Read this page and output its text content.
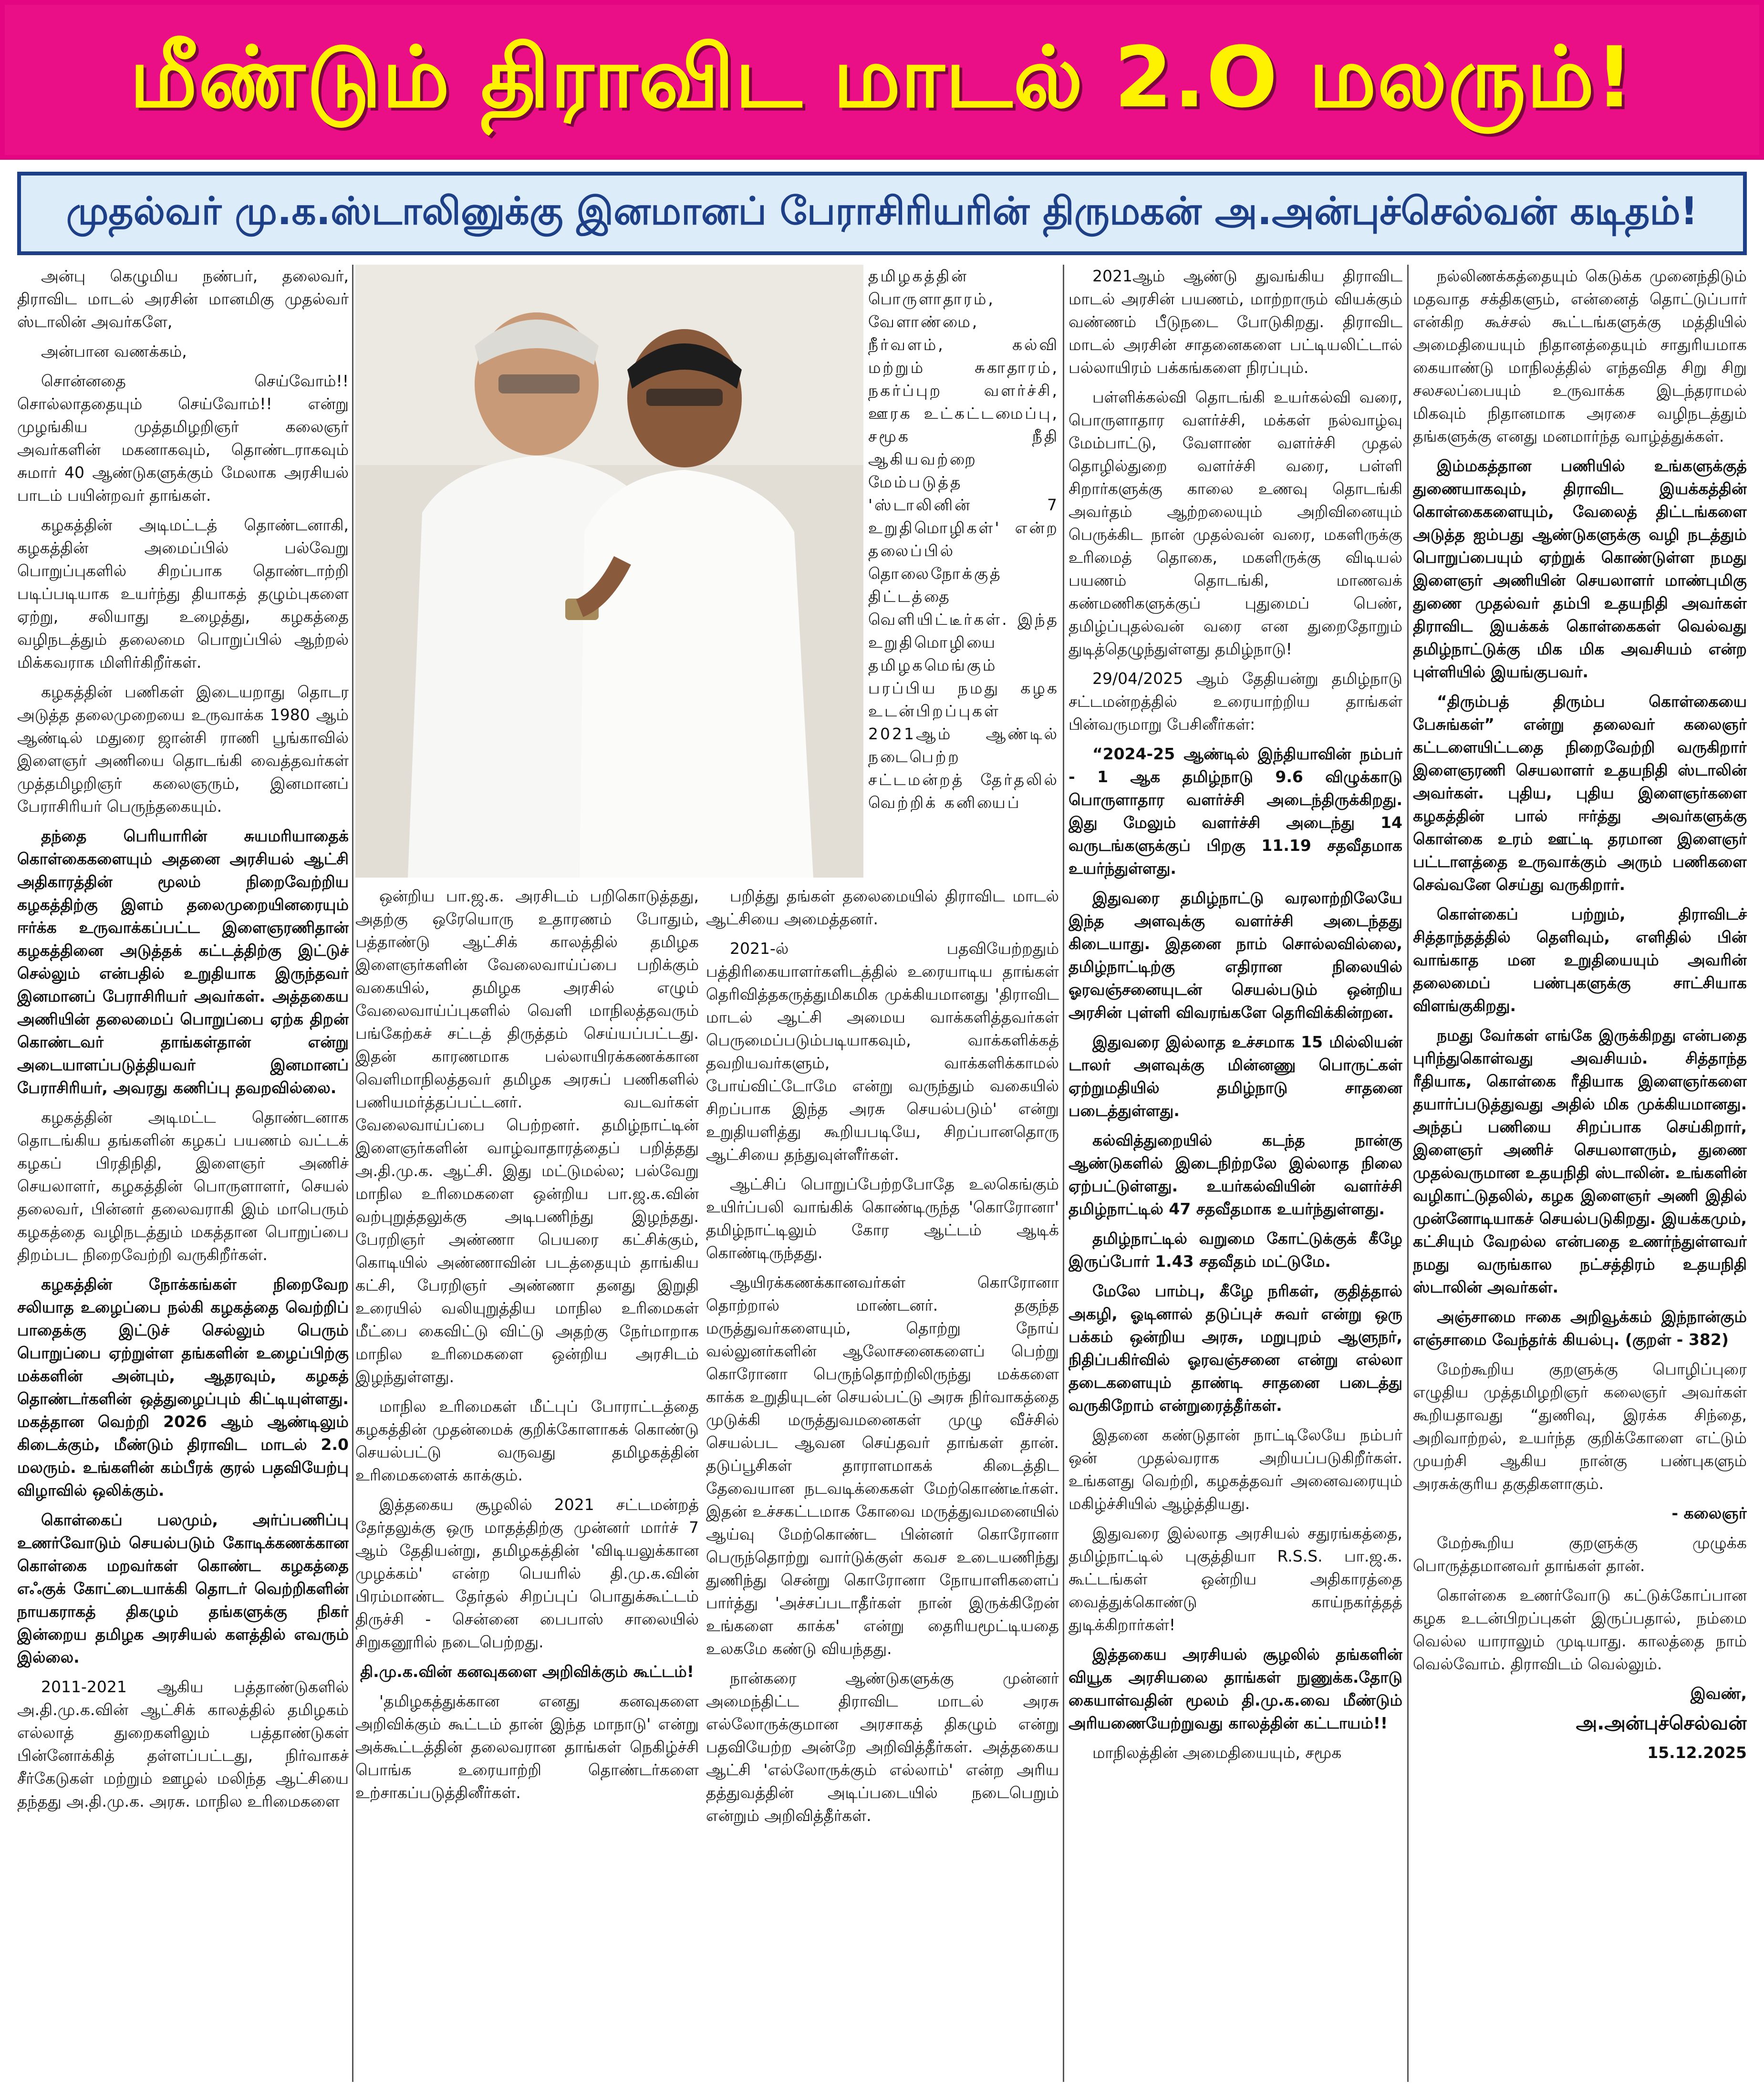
மீண்டும் திராவிட மாடல் 2.O மலரும்!
முதல்வர் மு.க.ஸ்டாலினுக்கு இனமானப் பேராசிரியரின் திருமகன் அ.அன்புச்செல்வன் கடிதம்!

அன்பு கெழுமிய நண்பர், தலைவர், திராவிட மாடல் அரசின் மானமிகு முதல்வர் ஸ்டாலின் அவர்களே,

அன்பான வணக்கம்,

சொன்னதை செய்வோம்!! சொல்லாததையும் செய்வோம்!! என்று முழங்கிய முத்தமிழறிஞர் கலைஞர் அவர்களின் மகனாகவும், தொண்டராகவும் சுமார் 40 ஆண்டுகளுக்கும் மேலாக அரசியல் பாடம் பயின்றவர் தாங்கள்.

கழகத்தின் அடிமட்டத் தொண்டனாகி, கழகத்தின் அமைப்பில் பல்வேறு பொறுப்புகளில் சிறப்பாக தொண்டாற்றி படிப்படியாக உயர்ந்து தியாகத் தழும்புகளை ஏற்று, சலியாது உழைத்து, கழகத்தை வழிநடத்தும் தலைமை பொறுப்பில் ஆற்றல் மிக்கவராக மிளிர்கிறீர்கள்.

கழகத்தின் பணிகள் இடையறாது தொடர அடுத்த தலைமுறையை உருவாக்க 1980 ஆம் ஆண்டில் மதுரை ஜான்சி ராணி பூங்காவில் இளைஞர் அணியை தொடங்கி வைத்தவர்கள் முத்தமிழறிஞர் கலைஞரும், இனமானப் பேராசிரியர் பெருந்தகையும்.

தந்தை பெரியாரின் சுயமரியாதைக் கொள்கைகளையும் அதனை அரசியல் ஆட்சி அதிகாரத்தின் மூலம் நிறைவேற்றிய கழகத்திற்கு இளம் தலைமுறையினரையும் ஈர்க்க உருவாக்கப்பட்ட இளைஞரணிதான் கழகத்தினை அடுத்தக் கட்டத்திற்கு இட்டுச் செல்லும் என்பதில் உறுதியாக இருந்தவர் இனமானப் பேராசிரியர் அவர்கள். அத்தகைய அணியின் தலைமைப் பொறுப்பை ஏற்க திறன் கொண்டவர் தாங்கள்தான் என்று அடையாளப்படுத்தியவர் இனமானப் பேராசிரியர், அவரது கணிப்பு தவறவில்லை.

கழகத்தின் அடிமட்ட தொண்டனாக தொடங்கிய தங்களின் கழகப் பயணம் வட்டக் கழகப் பிரதிநிதி, இளைஞர் அணிச் செயலாளர், கழகத்தின் பொருளாளர், செயல் தலைவர், பின்னர் தலைவராகி இம் மாபெரும் கழகத்தை வழிநடத்தும் மகத்தான பொறுப்பை திறம்பட நிறைவேற்றி வருகிறீர்கள்.

கழகத்தின் நோக்கங்கள் நிறைவேற சலியாத உழைப்பை நல்கி கழகத்தை வெற்றிப் பாதைக்கு இட்டுச் செல்லும் பெரும் பொறுப்பை ஏற்றுள்ள தங்களின் உழைப்பிற்கு மக்களின் அன்பும், ஆதரவும், கழகத் தொண்டர்களின் ஒத்துழைப்பும் கிட்டியுள்ளது. மகத்தான வெற்றி 2026 ஆம் ஆண்டிலும் கிடைக்கும், மீண்டும் திராவிட மாடல் 2.0 மலரும். உங்களின் கம்பீரக் குரல் பதவியேற்பு விழாவில் ஒலிக்கும்.

கொள்கைப் பலமும், அர்ப்பணிப்பு உணர்வோடும் செயல்படும் கோடிக்கணக்கான கொள்கை மறவர்கள் கொண்ட கழகத்தை எஃகுக் கோட்டையாக்கி தொடர் வெற்றிகளின் நாயகராகத் திகழும் தங்களுக்கு நிகர் இன்றைய தமிழக அரசியல் களத்தில் எவரும் இல்லை.

2011-2021 ஆகிய பத்தாண்டுகளில் அ.தி.மு.க.வின் ஆட்சிக் காலத்தில் தமிழகம் எல்லாத் துறைகளிலும் பத்தாண்டுகள் பின்னோக்கித் தள்ளப்பட்டது, நிர்வாகச் சீர்கேடுகள் மற்றும் ஊழல் மலிந்த ஆட்சியை தந்தது அ.தி.மு.க. அரசு. மாநில உரிமைகளை

ஒன்றிய பா.ஜ.க. அரசிடம் பறிகொடுத்தது, அதற்கு ஒரேயொரு உதாரணம் போதும், பத்தாண்டு ஆட்சிக் காலத்தில் தமிழக இளைஞர்களின் வேலைவாய்ப்பை பறிக்கும் வகையில், தமிழக அரசில் எழும் வேலைவாய்ப்புகளில் வெளி மாநிலத்தவரும் பங்கேற்கச் சட்டத் திருத்தம் செய்யப்பட்டது. இதன் காரணமாக பல்லாயிரக்கணக்கான வெளிமாநிலத்தவர் தமிழக அரசுப் பணிகளில் பணியமர்த்தப்பட்டனர். வடவர்கள் வேலைவாய்ப்பை பெற்றனர். தமிழ்நாட்டின் இளைஞர்களின் வாழ்வாதாரத்தைப் பறித்தது அ.தி.மு.க. ஆட்சி. இது மட்டுமல்ல; பல்வேறு மாநில உரிமைகளை ஒன்றிய பா.ஜ.க.வின் வற்புறுத்தலுக்கு அடிபணிந்து இழந்தது. பேரறிஞர் அண்ணா பெயரை கட்சிக்கும், கொடியில் அண்ணாவின் படத்தையும் தாங்கிய கட்சி, பேரறிஞர் அண்ணா தனது இறுதி உரையில் வலியுறுத்திய மாநில உரிமைகள் மீட்பை கைவிட்டு விட்டு அதற்கு நேர்மாறாக மாநில உரிமைகளை ஒன்றிய அரசிடம் இழந்துள்ளது.

மாநில உரிமைகள் மீட்புப் போராட்டத்தை கழகத்தின் முதன்மைக் குறிக்கோளாகக் கொண்டு செயல்பட்டு வருவது தமிழகத்தின் உரிமைகளைக் காக்கும்.

இத்தகைய சூழலில் 2021 சட்டமன்றத் தேர்தலுக்கு ஒரு மாதத்திற்கு முன்னர் மார்ச் 7 ஆம் தேதியன்று, தமிழகத்தின் 'விடியலுக்கான முழக்கம்' என்ற பெயரில் தி.மு.க.வின் பிரம்மாண்ட தேர்தல் சிறப்புப் பொதுக்கூட்டம் திருச்சி - சென்னை பைபாஸ் சாலையில் சிறுகனூரில் நடைபெற்றது.

தி.மு.க.வின் கனவுகளை அறிவிக்கும் கூட்டம்!

'தமிழகத்துக்கான எனது கனவுகளை அறிவிக்கும் கூட்டம் தான் இந்த மாநாடு' என்று அக்கூட்டத்தின் தலைவரான தாங்கள் நெகிழ்ச்சி பொங்க உரையாற்றி தொண்டர்களை உற்சாகப்படுத்தினீர்கள்.

தமிழகத்தின் பொருளாதாரம், வேளாண்மை, நீர்வளம், கல்வி மற்றும் சுகாதாரம், நகர்ப்புற வளர்ச்சி, ஊரக உட்கட்டமைப்பு, சமூக நீதி ஆகியவற்றை மேம்படுத்த 'ஸ்டாலினின் 7 உறுதிமொழிகள்' என்ற தலைப்பில் தொலைநோக்குத் திட்டத்தை வெளியிட்டீர்கள். இந்த உறுதிமொழியை தமிழகமெங்கும் பரப்பிய நமது கழக உடன்பிறப்புகள் 2021ஆம் ஆண்டில் நடைபெற்ற சட்டமன்றத் தேர்தலில் வெற்றிக் கனியைப்

பறித்து தங்கள் தலைமையில் திராவிட மாடல் ஆட்சியை அமைத்தனர்.

2021-ல் பதவியேற்றதும் பத்திரிகையாளர்களிடத்தில் உரையாடிய தாங்கள் தெரிவித்தகருத்துமிகமிக முக்கியமானது 'திராவிட மாடல் ஆட்சி அமைய வாக்களித்தவர்கள் பெருமைப்படும்படியாகவும், வாக்களிக்கத் தவறியவர்களும், வாக்களிக்காமல் போய்விட்டோமே என்று வருந்தும் வகையில் சிறப்பாக இந்த அரசு செயல்படும்' என்று உறுதியளித்து கூறியபடியே, சிறப்பானதொரு ஆட்சியை தந்துவுள்ளீர்கள்.

ஆட்சிப் பொறுப்பேற்றபோதே உலகெங்கும் உயிர்ப்பலி வாங்கிக் கொண்டிருந்த 'கொரோனா' தமிழ்நாட்டிலும் கோர ஆட்டம் ஆடிக் கொண்டிருந்தது.

ஆயிரக்கணக்கானவர்கள் கொரோனா தொற்றால் மாண்டனர். தகுந்த மருத்துவர்களையும், தொற்று நோய் வல்லுனர்களின் ஆலோசனைகளைப் பெற்று கொரோனா பெருந்தொற்றிலிருந்து மக்களை காக்க உறுதியுடன் செயல்பட்டு அரசு நிர்வாகத்தை முடுக்கி மருத்துவமனைகள் முழு வீச்சில் செயல்பட ஆவன செய்தவர் தாங்கள் தான். தடுப்பூசிகள் தாராளமாகக் கிடைத்திட தேவையான நடவடிக்கைகள் மேற்கொண்டீர்கள். இதன் உச்சகட்டமாக கோவை மருத்துவமனையில் ஆய்வு மேற்கொண்ட பின்னர் கொரோனா பெருந்தொற்று வார்டுக்குள் கவச உடையணிந்து துணிந்து சென்று கொரோனா நோயாளிகளைப் பார்த்து 'அச்சப்படாதீர்கள் நான் இருக்கிறேன் உங்களை காக்க' என்று தைரியமூட்டியதை உலகமே கண்டு வியந்தது.

நான்கரை ஆண்டுகளுக்கு முன்னர் அமைந்திட்ட திராவிட மாடல் அரசு எல்லோருக்குமான அரசாகத் திகழும் என்று பதவியேற்ற அன்றே அறிவித்தீர்கள். அத்தகைய ஆட்சி 'எல்லோருக்கும் எல்லாம்' என்ற அரிய தத்துவத்தின் அடிப்படையில் நடைபெறும் என்றும் அறிவித்தீர்கள்.

2021ஆம் ஆண்டு துவங்கிய திராவிட மாடல் அரசின் பயணம், மாற்றாரும் வியக்கும் வண்ணம் பீடுநடை போடுகிறது. திராவிட மாடல் அரசின் சாதனைகளை பட்டியலிட்டால் பல்லாயிரம் பக்கங்களை நிரப்பும்.

பள்ளிக்கல்வி தொடங்கி உயர்கல்வி வரை, பொருளாதார வளர்ச்சி, மக்கள் நல்வாழ்வு மேம்பாட்டு, வேளாண் வளர்ச்சி முதல் தொழில்துறை வளர்ச்சி வரை, பள்ளி சிறார்களுக்கு காலை உணவு தொடங்கி அவர்தம் ஆற்றலையும் அறிவினையும் பெருக்கிட நான் முதல்வன் வரை, மகளிருக்கு உரிமைத் தொகை, மகளிருக்கு விடியல் பயணம் தொடங்கி, மாணவக் கண்மணிகளுக்குப் புதுமைப் பெண், தமிழ்ப்புதல்வன் வரை என துறைதோறும் துடித்தெழுந்துள்ளது தமிழ்நாடு!

29/04/2025 ஆம் தேதியன்று தமிழ்நாடு சட்டமன்றத்தில் உரையாற்றிய தாங்கள் பின்வருமாறு பேசினீர்கள்:

“2024-25 ஆண்டில் இந்தியாவின் நம்பர் - 1 ஆக தமிழ்நாடு 9.6 விழுக்காடு பொருளாதார வளர்ச்சி அடைந்திருக்கிறது. இது மேலும் வளர்ச்சி அடைந்து 14 வருடங்களுக்குப் பிறகு 11.19 சதவீதமாக உயர்ந்துள்ளது.

இதுவரை தமிழ்நாட்டு வரலாற்றிலேயே இந்த அளவுக்கு வளர்ச்சி அடைந்தது கிடையாது. இதனை நாம் சொல்லவில்லை, தமிழ்நாட்டிற்கு எதிரான நிலையில் ஓரவஞ்சனையுடன் செயல்படும் ஒன்றிய அரசின் புள்ளி விவரங்களே தெரிவிக்கின்றன.

இதுவரை இல்லாத உச்சமாக 15 மில்லியன் டாலர் அளவுக்கு மின்னணு பொருட்கள் ஏற்றுமதியில் தமிழ்நாடு சாதனை படைத்துள்ளது.

கல்வித்துறையில் கடந்த நான்கு ஆண்டுகளில் இடைநிற்றலே இல்லாத நிலை ஏற்பட்டுள்ளது. உயர்கல்வியின் வளர்ச்சி தமிழ்நாட்டில் 47 சதவீதமாக உயர்ந்துள்ளது.

தமிழ்நாட்டில் வறுமை கோட்டுக்குக் கீழே இருப்போர் 1.43 சதவீதம் மட்டுமே.

மேலே பாம்பு, கீழே நரிகள், குதித்தால் அகழி, ஓடினால் தடுப்புச் சுவர் என்று ஒரு பக்கம் ஒன்றிய அரசு, மறுபுறம் ஆளுநர், நிதிப்பகிர்வில் ஓரவஞ்சனை என்று எல்லா தடைகளையும் தாண்டி சாதனை படைத்து வருகிறோம் என்றுரைத்தீர்கள்.

இதனை கண்டுதான் நாட்டிலேயே நம்பர் ஒன் முதல்வராக அறியப்படுகிறீர்கள். உங்களது வெற்றி, கழகத்தவர் அனைவரையும் மகிழ்ச்சியில் ஆழ்த்தியது.

இதுவரை இல்லாத அரசியல் சதுரங்கத்தை, தமிழ்நாட்டில் புகுத்தியா R.S.S. பா.ஜ.க. கூட்டங்கள் ஒன்றிய அதிகாரத்தை வைத்துக்கொண்டு காய்நகர்த்தத் துடிக்கிறார்கள்!

இத்தகைய அரசியல் சூழலில் தங்களின் வியூக அரசியலை தாங்கள் நுணுக்க.தோடு கையாள்வதின் மூலம் தி.மு.க.வை மீண்டும் அரியணையேற்றுவது காலத்தின் கட்டாயம்!!

மாநிலத்தின் அமைதியையும், சமூக

நல்லிணக்கத்தையும் கெடுக்க முனைந்திடும் மதவாத சக்திகளும், என்னைத் தொட்டுப்பார் என்கிற கூச்சல் கூட்டங்களுக்கு மத்தியில் அமைதியையும் நிதானத்தையும் சாதுரியமாக கையாண்டு மாநிலத்தில் எந்தவித சிறு சிறு சலசலப்பையும் உருவாக்க இடந்தராமல் மிகவும் நிதானமாக அரசை வழிநடத்தும் தங்களுக்கு எனது மனமார்ந்த வாழ்த்துக்கள்.

இம்மகத்தான பணியில் உங்களுக்குத் துணையாகவும், திராவிட இயக்கத்தின் கொள்கைகளையும், வேலைத் திட்டங்களை அடுத்த ஐம்பது ஆண்டுகளுக்கு வழி நடத்தும் பொறுப்பையும் ஏற்றுக் கொண்டுள்ள நமது இளைஞர் அணியின் செயலாளர் மாண்புமிகு துணை முதல்வர் தம்பி உதயநிதி அவர்கள் திராவிட இயக்கக் கொள்கைகள் வெல்வது தமிழ்நாட்டுக்கு மிக மிக அவசியம் என்ற புள்ளியில் இயங்குபவர்.

“திரும்பத் திரும்ப கொள்கையை பேசுங்கள்” என்று தலைவர் கலைஞர் கட்டளையிட்டதை நிறைவேற்றி வருகிறார் இளைஞரணி செயலாளர் உதயநிதி ஸ்டாலின் அவர்கள். புதிய, புதிய இளைஞர்களை கழகத்தின் பால் ஈர்த்து அவர்களுக்கு கொள்கை உரம் ஊட்டி தரமான இளைஞர் பட்டாளத்தை உருவாக்கும் அரும் பணிகளை செவ்வனே செய்து வருகிறார்.

கொள்கைப் பற்றும், திராவிடச் சித்தாந்தத்தில் தெளிவும், எளிதில் பின் வாங்காத மன உறுதியையும் அவரின் தலைமைப் பண்புகளுக்கு சாட்சியாக விளங்குகிறது.

நமது வேர்கள் எங்கே இருக்கிறது என்பதை புரிந்துகொள்வது அவசியம். சித்தாந்த ரீதியாக, கொள்கை ரீதியாக இளைஞர்களை தயார்ப்படுத்துவது அதில் மிக முக்கியமானது. அந்தப் பணியை சிறப்பாக செய்கிறார், இளைஞர் அணிச் செயலாளரும், துணை முதல்வருமான உதயநிதி ஸ்டாலின். உங்களின் வழிகாட்டுதலில், கழக இளைஞர் அணி இதில் முன்னோடியாகச் செயல்படுகிறது. இயக்கமும், கட்சியும் வேறல்ல என்பதை உணர்ந்துள்ளவர் நமது வருங்கால நட்சத்திரம் உதயநிதி ஸ்டாலின் அவர்கள்.

அஞ்சாமை ஈகை அறிவூக்கம் இந்நான்கும் எஞ்சாமை வேந்தர்க் கியல்பு. (குறள் - 382)

மேற்கூறிய குறளுக்கு பொழிப்புரை எழுதிய முத்தமிழறிஞர் கலைஞர் அவர்கள் கூறியதாவது “துணிவு, இரக்க சிந்தை, அறிவாற்றல், உயர்ந்த குறிக்கோளை எட்டும் முயற்சி ஆகிய நான்கு பண்புகளும் அரசுக்குரிய தகுதிகளாகும்.

- கலைஞர்

மேற்கூறிய குறளுக்கு முழுக்க பொருத்தமானவர் தாங்கள் தான்.

கொள்கை உணர்வோடு கட்டுக்கோப்பான கழக உடன்பிறப்புகள் இருப்பதால், நம்மை வெல்ல யாராலும் முடியாது. காலத்தை நாம் வெல்வோம். திராவிடம் வெல்லும்.

இவண்,

அ.அன்புச்செல்வன்

15.12.2025
